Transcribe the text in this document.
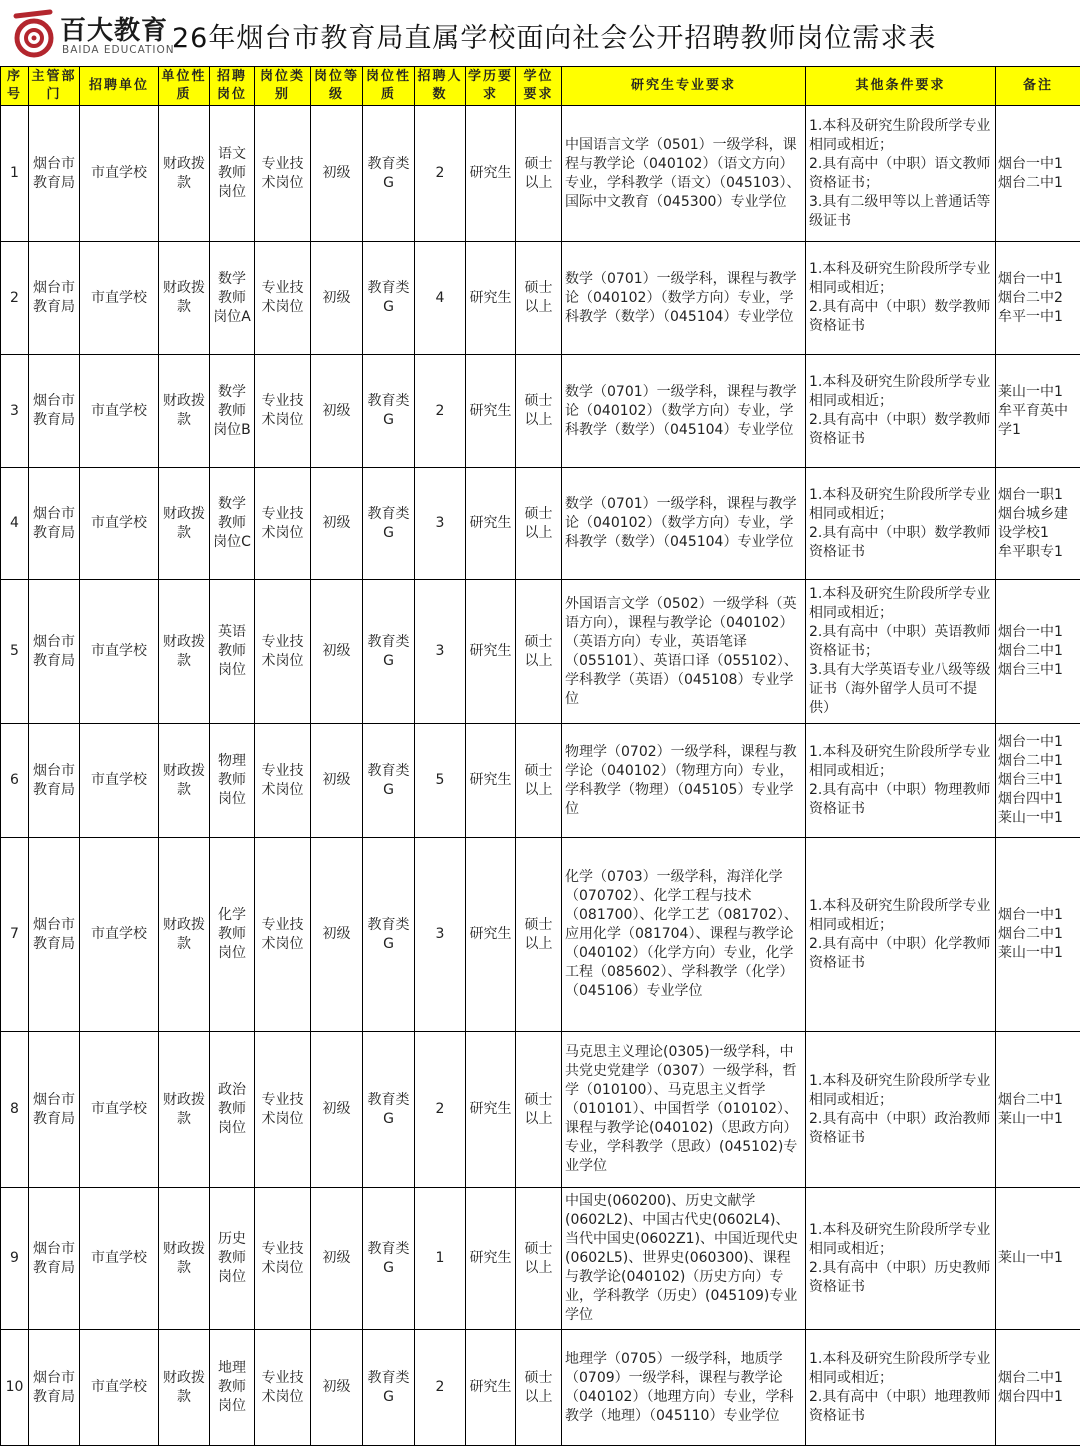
百大教育
BAIDA EDUCATION
26年烟台市教育局直属学校面向社会公开招聘教师岗位需求表
序号	主管部门	招聘单位	单位性质	招聘岗位	岗位类别	岗位等级	岗位性质	招聘人数	学历要求	学位要求	研究生专业要求	其他条件要求	备注
1	烟台市教育局	市直学校	财政拨款	语文教师岗位	专业技术岗位	初级	教育类G	2	研究生	硕士以上	中国语言文学（0501）一级学科，课程与教学论（040102）（语文方向）专业，学科教学（语文）（045103）、国际中文教育（045300）专业学位	1.本科及研究生阶段所学专业相同或相近；
2.具有高中（中职）语文教师资格证书；
3.具有二级甲等以上普通话等级证书	烟台一中1
烟台二中1
2	烟台市教育局	市直学校	财政拨款	数学教师岗位A	专业技术岗位	初级	教育类G	4	研究生	硕士以上	数学（0701）一级学科，课程与教学论（040102）（数学方向）专业，学科教学（数学）（045104）专业学位	1.本科及研究生阶段所学专业相同或相近；
2.具有高中（中职）数学教师资格证书	烟台一中1
烟台二中2
牟平一中1
3	烟台市教育局	市直学校	财政拨款	数学教师岗位B	专业技术岗位	初级	教育类G	2	研究生	硕士以上	数学（0701）一级学科，课程与教学论（040102）（数学方向）专业，学科教学（数学）（045104）专业学位	1.本科及研究生阶段所学专业相同或相近；
2.具有高中（中职）数学教师资格证书	莱山一中1
牟平育英中学1
4	烟台市教育局	市直学校	财政拨款	数学教师岗位C	专业技术岗位	初级	教育类G	3	研究生	硕士以上	数学（0701）一级学科，课程与教学论（040102）（数学方向）专业，学科教学（数学）（045104）专业学位	1.本科及研究生阶段所学专业相同或相近；
2.具有高中（中职）数学教师资格证书	烟台一职1
烟台城乡建设学校1
牟平职专1
5	烟台市教育局	市直学校	财政拨款	英语教师岗位	专业技术岗位	初级	教育类G	3	研究生	硕士以上	外国语言文学（0502）一级学科（英语方向），课程与教学论（040102）（英语方向）专业，英语笔译（055101）、英语口译（055102）、学科教学（英语）（045108）专业学位	1.本科及研究生阶段所学专业相同或相近；
2.具有高中（中职）英语教师资格证书；
3.具有大学英语专业八级等级证书（海外留学人员可不提供）	烟台一中1
烟台二中1
烟台三中1
6	烟台市教育局	市直学校	财政拨款	物理教师岗位	专业技术岗位	初级	教育类G	5	研究生	硕士以上	物理学（0702）一级学科，课程与教学论（040102）（物理方向）专业，学科教学（物理）（045105）专业学位	1.本科及研究生阶段所学专业相同或相近；
2.具有高中（中职）物理教师资格证书	烟台一中1
烟台二中1
烟台三中1
烟台四中1
莱山一中1
7	烟台市教育局	市直学校	财政拨款	化学教师岗位	专业技术岗位	初级	教育类G	3	研究生	硕士以上	化学（0703）一级学科，海洋化学（070702）、化学工程与技术（081700）、化学工艺（081702）、应用化学（081704）、课程与教学论（040102）（化学方向）专业，化学工程（085602）、学科教学（化学）（045106）专业学位	1.本科及研究生阶段所学专业相同或相近；
2.具有高中（中职）化学教师资格证书	烟台一中1
烟台二中1
莱山一中1
8	烟台市教育局	市直学校	财政拨款	政治教师岗位	专业技术岗位	初级	教育类G	2	研究生	硕士以上	马克思主义理论(0305)一级学科，中共党史党建学（0307）一级学科，哲学（010100）、马克思主义哲学（010101）、中国哲学（010102）、课程与教学论(040102)（思政方向）专业，学科教学（思政）(045102)专业学位	1.本科及研究生阶段所学专业相同或相近；
2.具有高中（中职）政治教师资格证书	烟台二中1
莱山一中1
9	烟台市教育局	市直学校	财政拨款	历史教师岗位	专业技术岗位	初级	教育类G	1	研究生	硕士以上	中国史(060200)、历史文献学(0602L2)、中国古代史(0602L4)、当代中国史(0602Z1)、中国近现代史(0602L5)、世界史(060300)、课程与教学论(040102)（历史方向）专业，学科教学（历史）(045109)专业学位	1.本科及研究生阶段所学专业相同或相近；
2.具有高中（中职）历史教师资格证书	莱山一中1
10	烟台市教育局	市直学校	财政拨款	地理教师岗位	专业技术岗位	初级	教育类G	2	研究生	硕士以上	地理学（0705）一级学科，地质学（0709）一级学科，课程与教学论（040102）（地理方向）专业，学科教学（地理）（045110）专业学位	1.本科及研究生阶段所学专业相同或相近；
2.具有高中（中职）地理教师资格证书	烟台二中1
烟台四中1
